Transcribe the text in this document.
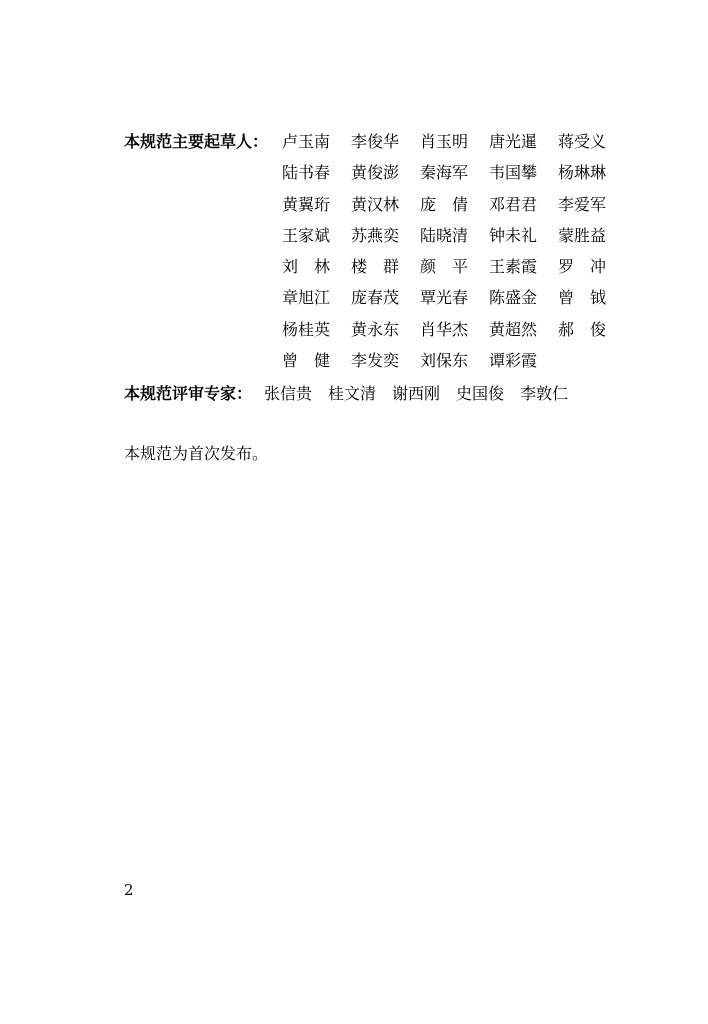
本规范主要起草人： 卢玉南	李俊华	肖玉明	唐光暹	蒋受义
陆书春	黄俊澎	秦海军	韦国攀	杨琳琳
黄翼珩	黄汉林	庞　倩	邓君君	李爱军
王家斌	苏燕奕	陆晓清	钟未礼	蒙胜益
刘　林	楼　群	颜　平	王素霞	罗　冲
章旭江	庞春茂	覃光春	陈盛金	曾　钺
杨桂英	黄永东	肖华杰	黄超然	郝　俊
曾　健	李发奕	刘保东	谭彩霞
本规范评审专家： 张信贵 桂文清 谢西刚 史国俊 李敦仁
本规范为首次发布。
2
